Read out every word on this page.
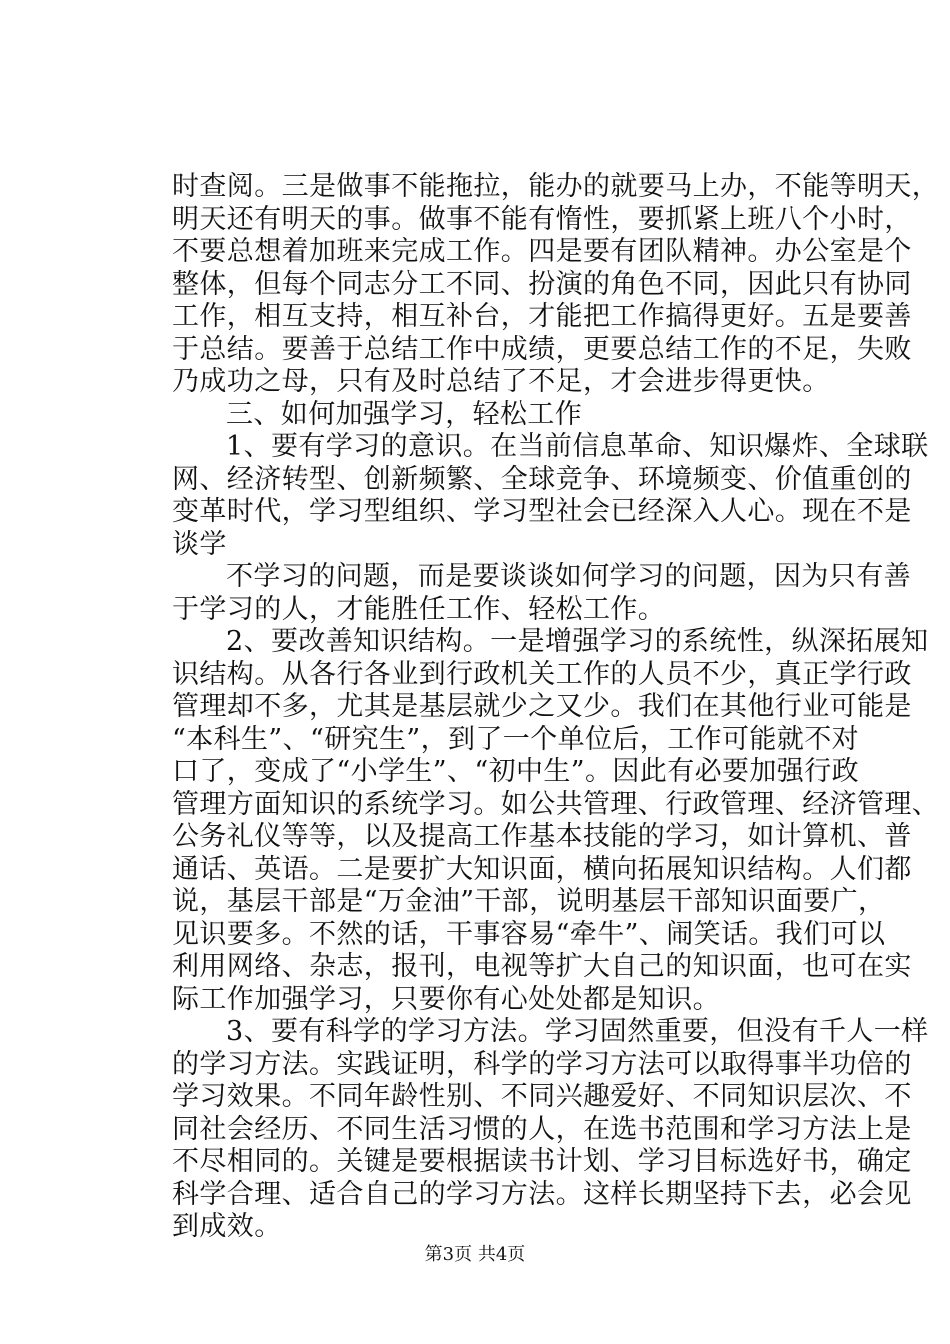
时查阅。三是做事不能拖拉，能办的就要马上办，不能等明天，
明天还有明天的事。做事不能有惰性，要抓紧上班八个小时，
不要总想着加班来完成工作。四是要有团队精神。办公室是个
整体，但每个同志分工不同、扮演的角色不同，因此只有协同
工作，相互支持，相互补台，才能把工作搞得更好。五是要善
于总结。要善于总结工作中成绩，更要总结工作的不足，失败
乃成功之母，只有及时总结了不足，才会进步得更快。
三、如何加强学习，轻松工作
1、要有学习的意识。在当前信息革命、知识爆炸、全球联
网、经济转型、创新频繁、全球竞争、环境频变、价值重创的
变革时代，学习型组织、学习型社会已经深入人心。现在不是
谈学
不学习的问题，而是要谈谈如何学习的问题，因为只有善
于学习的人，才能胜任工作、轻松工作。
2、要改善知识结构。一是增强学习的系统性，纵深拓展知
识结构。从各行各业到行政机关工作的人员不少，真正学行政
管理却不多，尤其是基层就少之又少。我们在其他行业可能是
“本科生”、“研究生”，到了一个单位后，工作可能就不对
口了，变成了“小学生”、“初中生”。因此有必要加强行政
管理方面知识的系统学习。如公共管理、行政管理、经济管理、
公务礼仪等等，以及提高工作基本技能的学习，如计算机、普
通话、英语。二是要扩大知识面，横向拓展知识结构。人们都
说，基层干部是“万金油”干部，说明基层干部知识面要广，
见识要多。不然的话，干事容易“牵牛”、闹笑话。我们可以
利用网络、杂志，报刊，电视等扩大自己的知识面，也可在实
际工作加强学习，只要你有心处处都是知识。
3、要有科学的学习方法。学习固然重要，但没有千人一样
的学习方法。实践证明，科学的学习方法可以取得事半功倍的
学习效果。不同年龄性别、不同兴趣爱好、不同知识层次、不
同社会经历、不同生活习惯的人，在选书范围和学习方法上是
不尽相同的。关键是要根据读书计划、学习目标选好书，确定
科学合理、适合自己的学习方法。这样长期坚持下去，必会见
到成效。
第3页 共4页
